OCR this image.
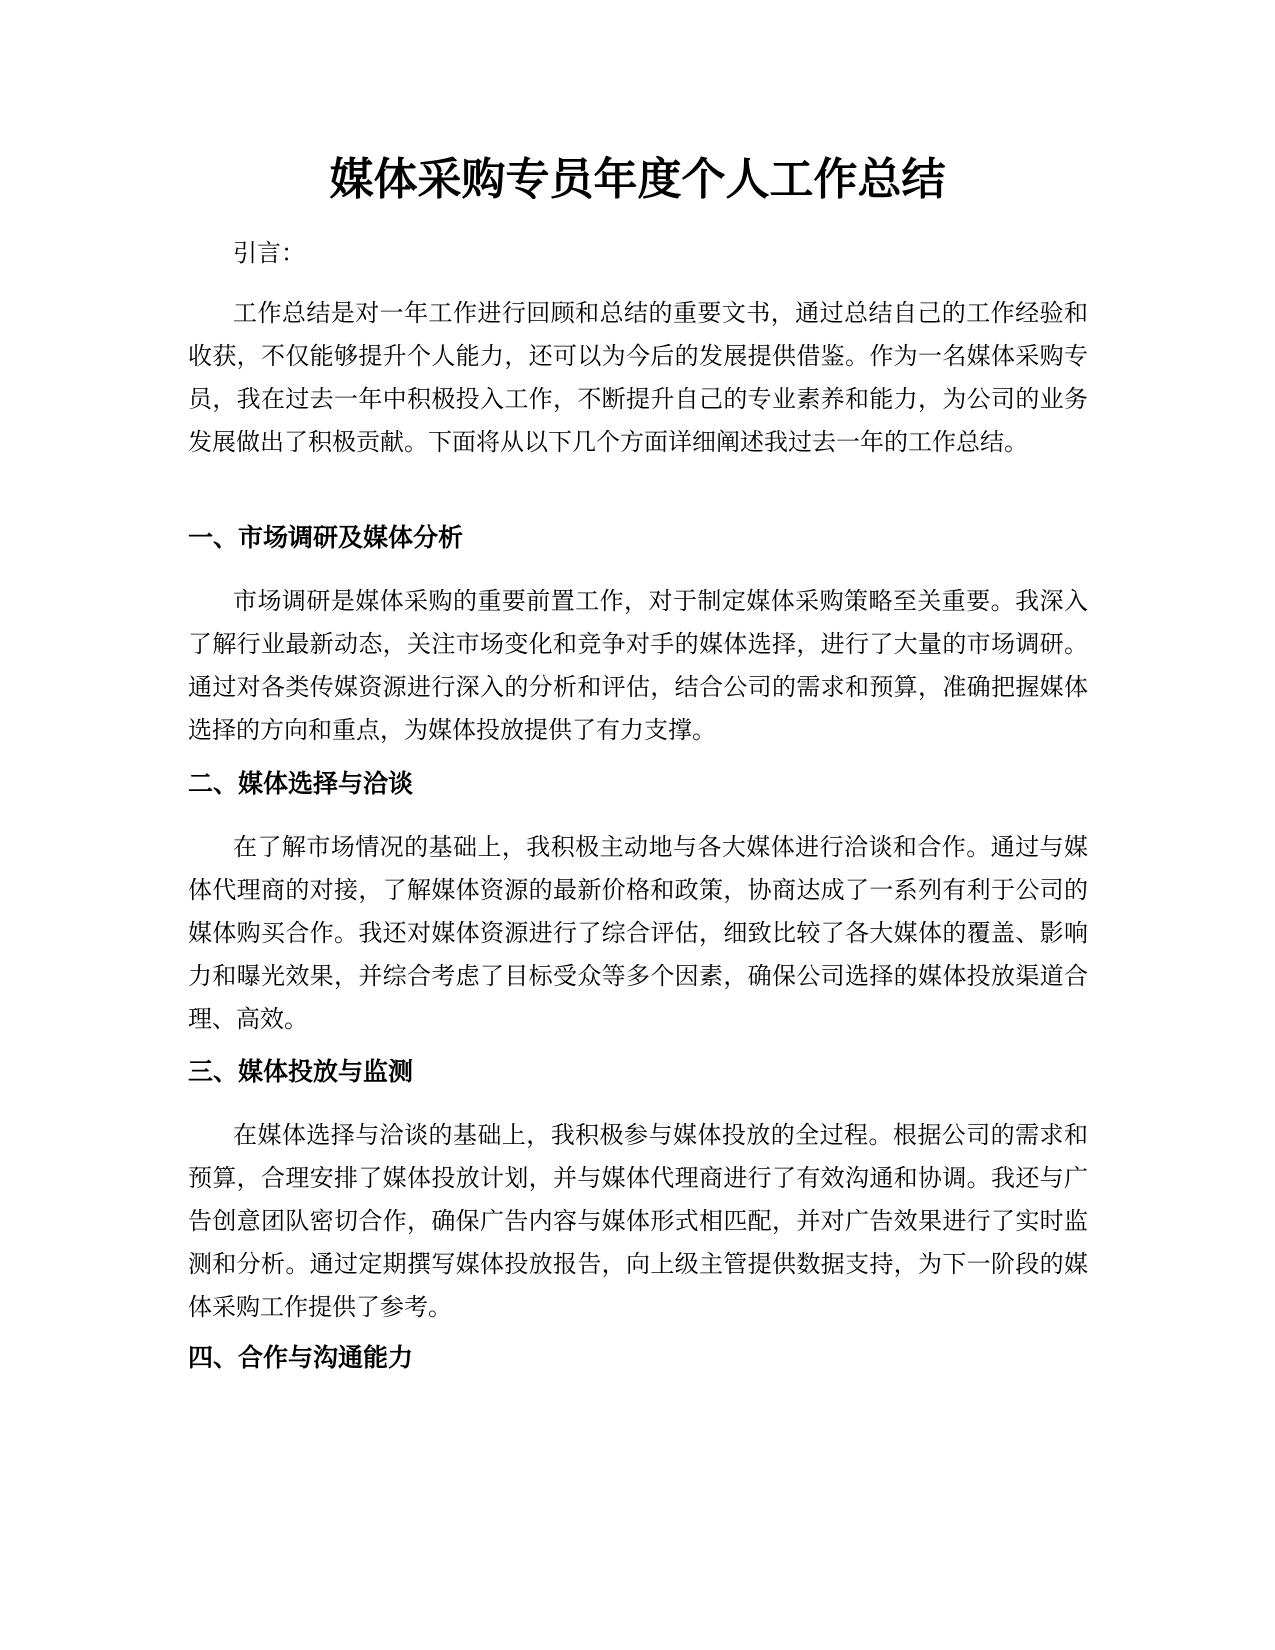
媒体采购专员年度个人工作总结

引言：

工作总结是对一年工作进行回顾和总结的重要文书，通过总结自己的工作经验和收获，不仅能够提升个人能力，还可以为今后的发展提供借鉴。作为一名媒体采购专员，我在过去一年中积极投入工作，不断提升自己的专业素养和能力，为公司的业务发展做出了积极贡献。下面将从以下几个方面详细阐述我过去一年的工作总结。

一、市场调研及媒体分析

市场调研是媒体采购的重要前置工作，对于制定媒体采购策略至关重要。我深入了解行业最新动态，关注市场变化和竞争对手的媒体选择，进行了大量的市场调研。通过对各类传媒资源进行深入的分析和评估，结合公司的需求和预算，准确把握媒体选择的方向和重点，为媒体投放提供了有力支撑。

二、媒体选择与洽谈

在了解市场情况的基础上，我积极主动地与各大媒体进行洽谈和合作。通过与媒体代理商的对接，了解媒体资源的最新价格和政策，协商达成了一系列有利于公司的媒体购买合作。我还对媒体资源进行了综合评估，细致比较了各大媒体的覆盖、影响力和曝光效果，并综合考虑了目标受众等多个因素，确保公司选择的媒体投放渠道合理、高效。

三、媒体投放与监测

在媒体选择与洽谈的基础上，我积极参与媒体投放的全过程。根据公司的需求和预算，合理安排了媒体投放计划，并与媒体代理商进行了有效沟通和协调。我还与广告创意团队密切合作，确保广告内容与媒体形式相匹配，并对广告效果进行了实时监测和分析。通过定期撰写媒体投放报告，向上级主管提供数据支持，为下一阶段的媒体采购工作提供了参考。

四、合作与沟通能力
